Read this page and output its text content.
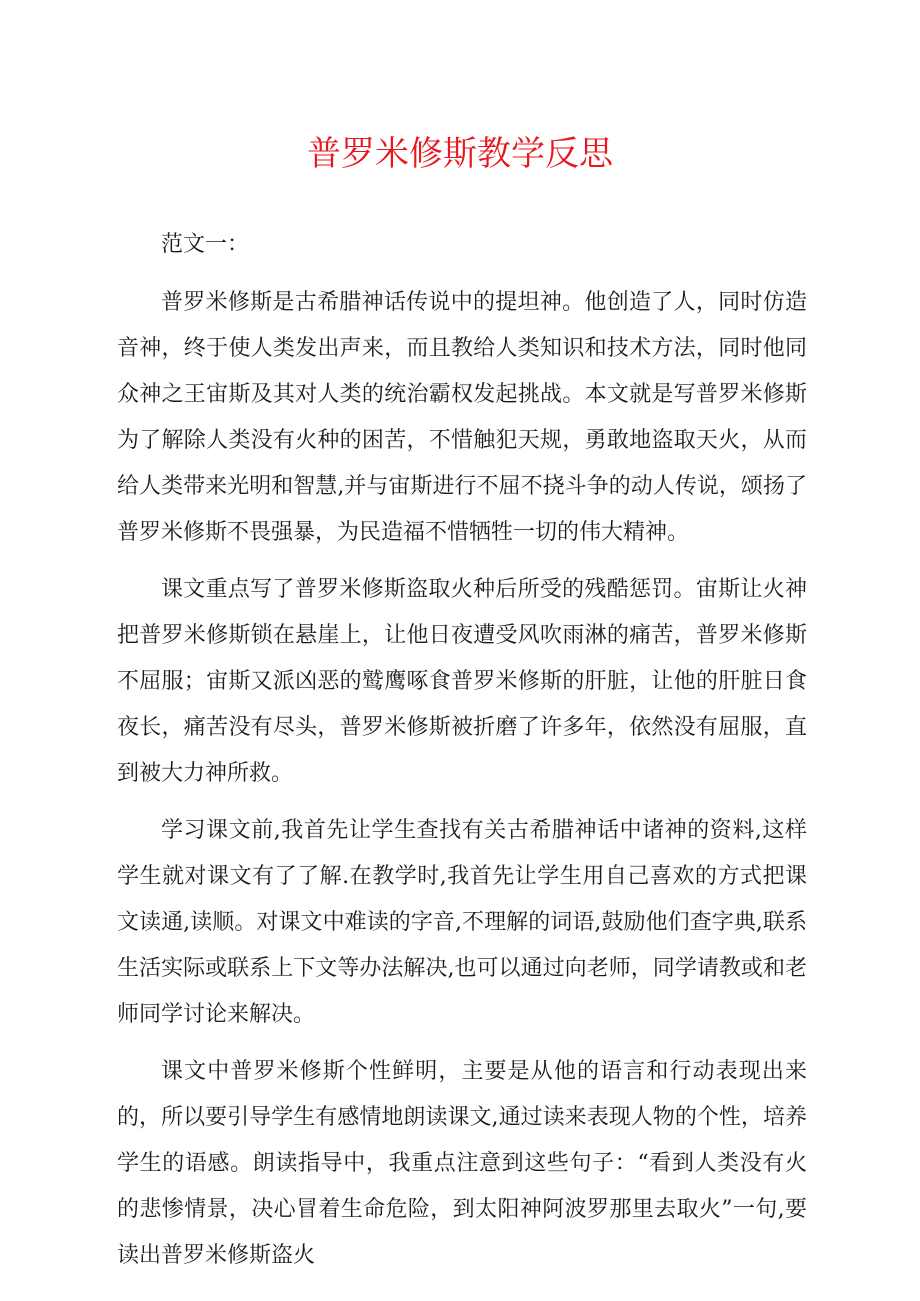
普罗米修斯教学反思

范文一：

普罗米修斯是古希腊神话传说中的提坦神。他创造了人，同时仿造音神，终于使人类发出声来，而且教给人类知识和技术方法，同时他同众神之王宙斯及其对人类的统治霸权发起挑战。本文就是写普罗米修斯为了解除人类没有火种的困苦，不惜触犯天规，勇敢地盗取天火，从而给人类带来光明和智慧,并与宙斯进行不屈不挠斗争的动人传说，颂扬了普罗米修斯不畏强暴，为民造福不惜牺牲一切的伟大精神。

课文重点写了普罗米修斯盗取火种后所受的残酷惩罚。宙斯让火神把普罗米修斯锁在悬崖上，让他日夜遭受风吹雨淋的痛苦，普罗米修斯不屈服；宙斯又派凶恶的鹫鹰啄食普罗米修斯的肝脏，让他的肝脏日食夜长，痛苦没有尽头，普罗米修斯被折磨了许多年，依然没有屈服，直到被大力神所救。

学习课文前,我首先让学生查找有关古希腊神话中诸神的资料,这样学生就对课文有了了解.在教学时,我首先让学生用自己喜欢的方式把课文读通,读顺。对课文中难读的字音,不理解的词语,鼓励他们查字典,联系生活实际或联系上下文等办法解决,也可以通过向老师，同学请教或和老师同学讨论来解决。

课文中普罗米修斯个性鲜明，主要是从他的语言和行动表现出来的，所以要引导学生有感情地朗读课文,通过读来表现人物的个性，培养学生的语感。朗读指导中，我重点注意到这些句子：“看到人类没有火的悲惨情景，决心冒着生命危险，到太阳神阿波罗那里去取火”一句,要读出普罗米修斯盗火
